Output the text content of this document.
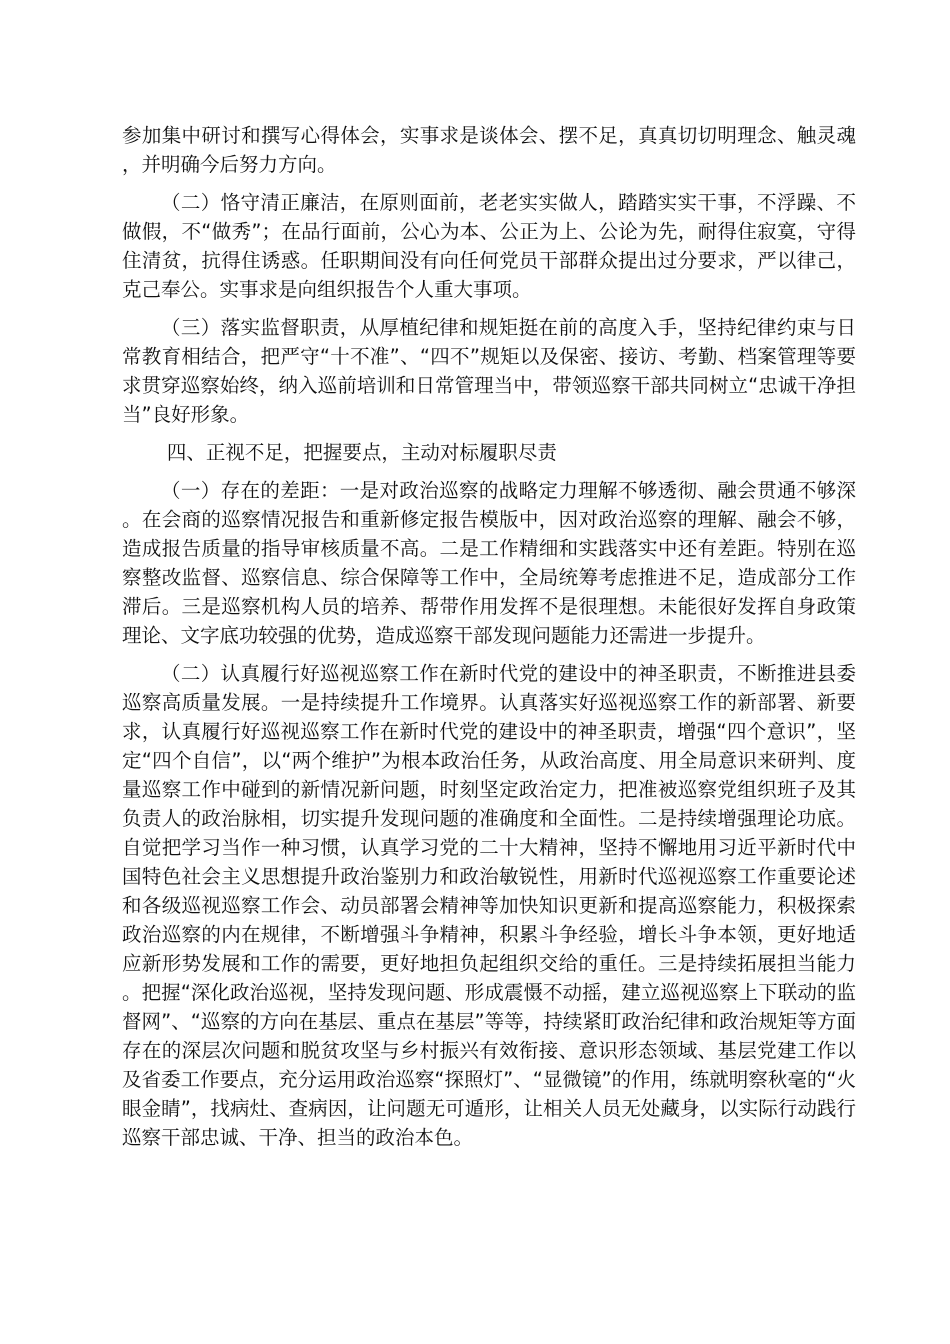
参加集中研讨和撰写心得体会，实事求是谈体会、摆不足，真真切切明理念、触灵魂，并明确今后努力方向。

（二）恪守清正廉洁，在原则面前，老老实实做人，踏踏实实干事，不浮躁、不做假，不“做秀”；在品行面前，公心为本、公正为上、公论为先，耐得住寂寞，守得住清贫，抗得住诱惑。任职期间没有向任何党员干部群众提出过分要求，严以律己，克己奉公。实事求是向组织报告个人重大事项。

（三）落实监督职责，从厚植纪律和规矩挺在前的高度入手，坚持纪律约束与日常教育相结合，把严守“十不准”、“四不”规矩以及保密、接访、考勤、档案管理等要求贯穿巡察始终，纳入巡前培训和日常管理当中，带领巡察干部共同树立“忠诚干净担当”良好形象。

四、正视不足，把握要点，主动对标履职尽责

（一）存在的差距：一是对政治巡察的战略定力理解不够透彻、融会贯通不够深。在会商的巡察情况报告和重新修定报告模版中，因对政治巡察的理解、融会不够，造成报告质量的指导审核质量不高。二是工作精细和实践落实中还有差距。特别在巡察整改监督、巡察信息、综合保障等工作中，全局统筹考虑推进不足，造成部分工作滞后。三是巡察机构人员的培养、帮带作用发挥不是很理想。未能很好发挥自身政策理论、文字底功较强的优势，造成巡察干部发现问题能力还需进一步提升。

（二）认真履行好巡视巡察工作在新时代党的建设中的神圣职责，不断推进县委巡察高质量发展。一是持续提升工作境界。认真落实好巡视巡察工作的新部署、新要求，认真履行好巡视巡察工作在新时代党的建设中的神圣职责，增强“四个意识”，坚定“四个自信”，以“两个维护”为根本政治任务，从政治高度、用全局意识来研判、度量巡察工作中碰到的新情况新问题，时刻坚定政治定力，把准被巡察党组织班子及其负责人的政治脉相，切实提升发现问题的准确度和全面性。二是持续增强理论功底。自觉把学习当作一种习惯，认真学习党的二十大精神，坚持不懈地用习近平新时代中国特色社会主义思想提升政治鉴别力和政治敏锐性，用新时代巡视巡察工作重要论述和各级巡视巡察工作会、动员部署会精神等加快知识更新和提高巡察能力，积极探索政治巡察的内在规律，不断增强斗争精神，积累斗争经验，增长斗争本领，更好地适应新形势发展和工作的需要，更好地担负起组织交给的重任。三是持续拓展担当能力。把握“深化政治巡视，坚持发现问题、形成震慑不动摇，建立巡视巡察上下联动的监督网”、“巡察的方向在基层、重点在基层”等等，持续紧盯政治纪律和政治规矩等方面存在的深层次问题和脱贫攻坚与乡村振兴有效衔接、意识形态领域、基层党建工作以及省委工作要点，充分运用政治巡察“探照灯”、“显微镜”的作用，练就明察秋毫的“火眼金睛”，找病灶、查病因，让问题无可遁形，让相关人员无处藏身，以实际行动践行巡察干部忠诚、干净、担当的政治本色。
